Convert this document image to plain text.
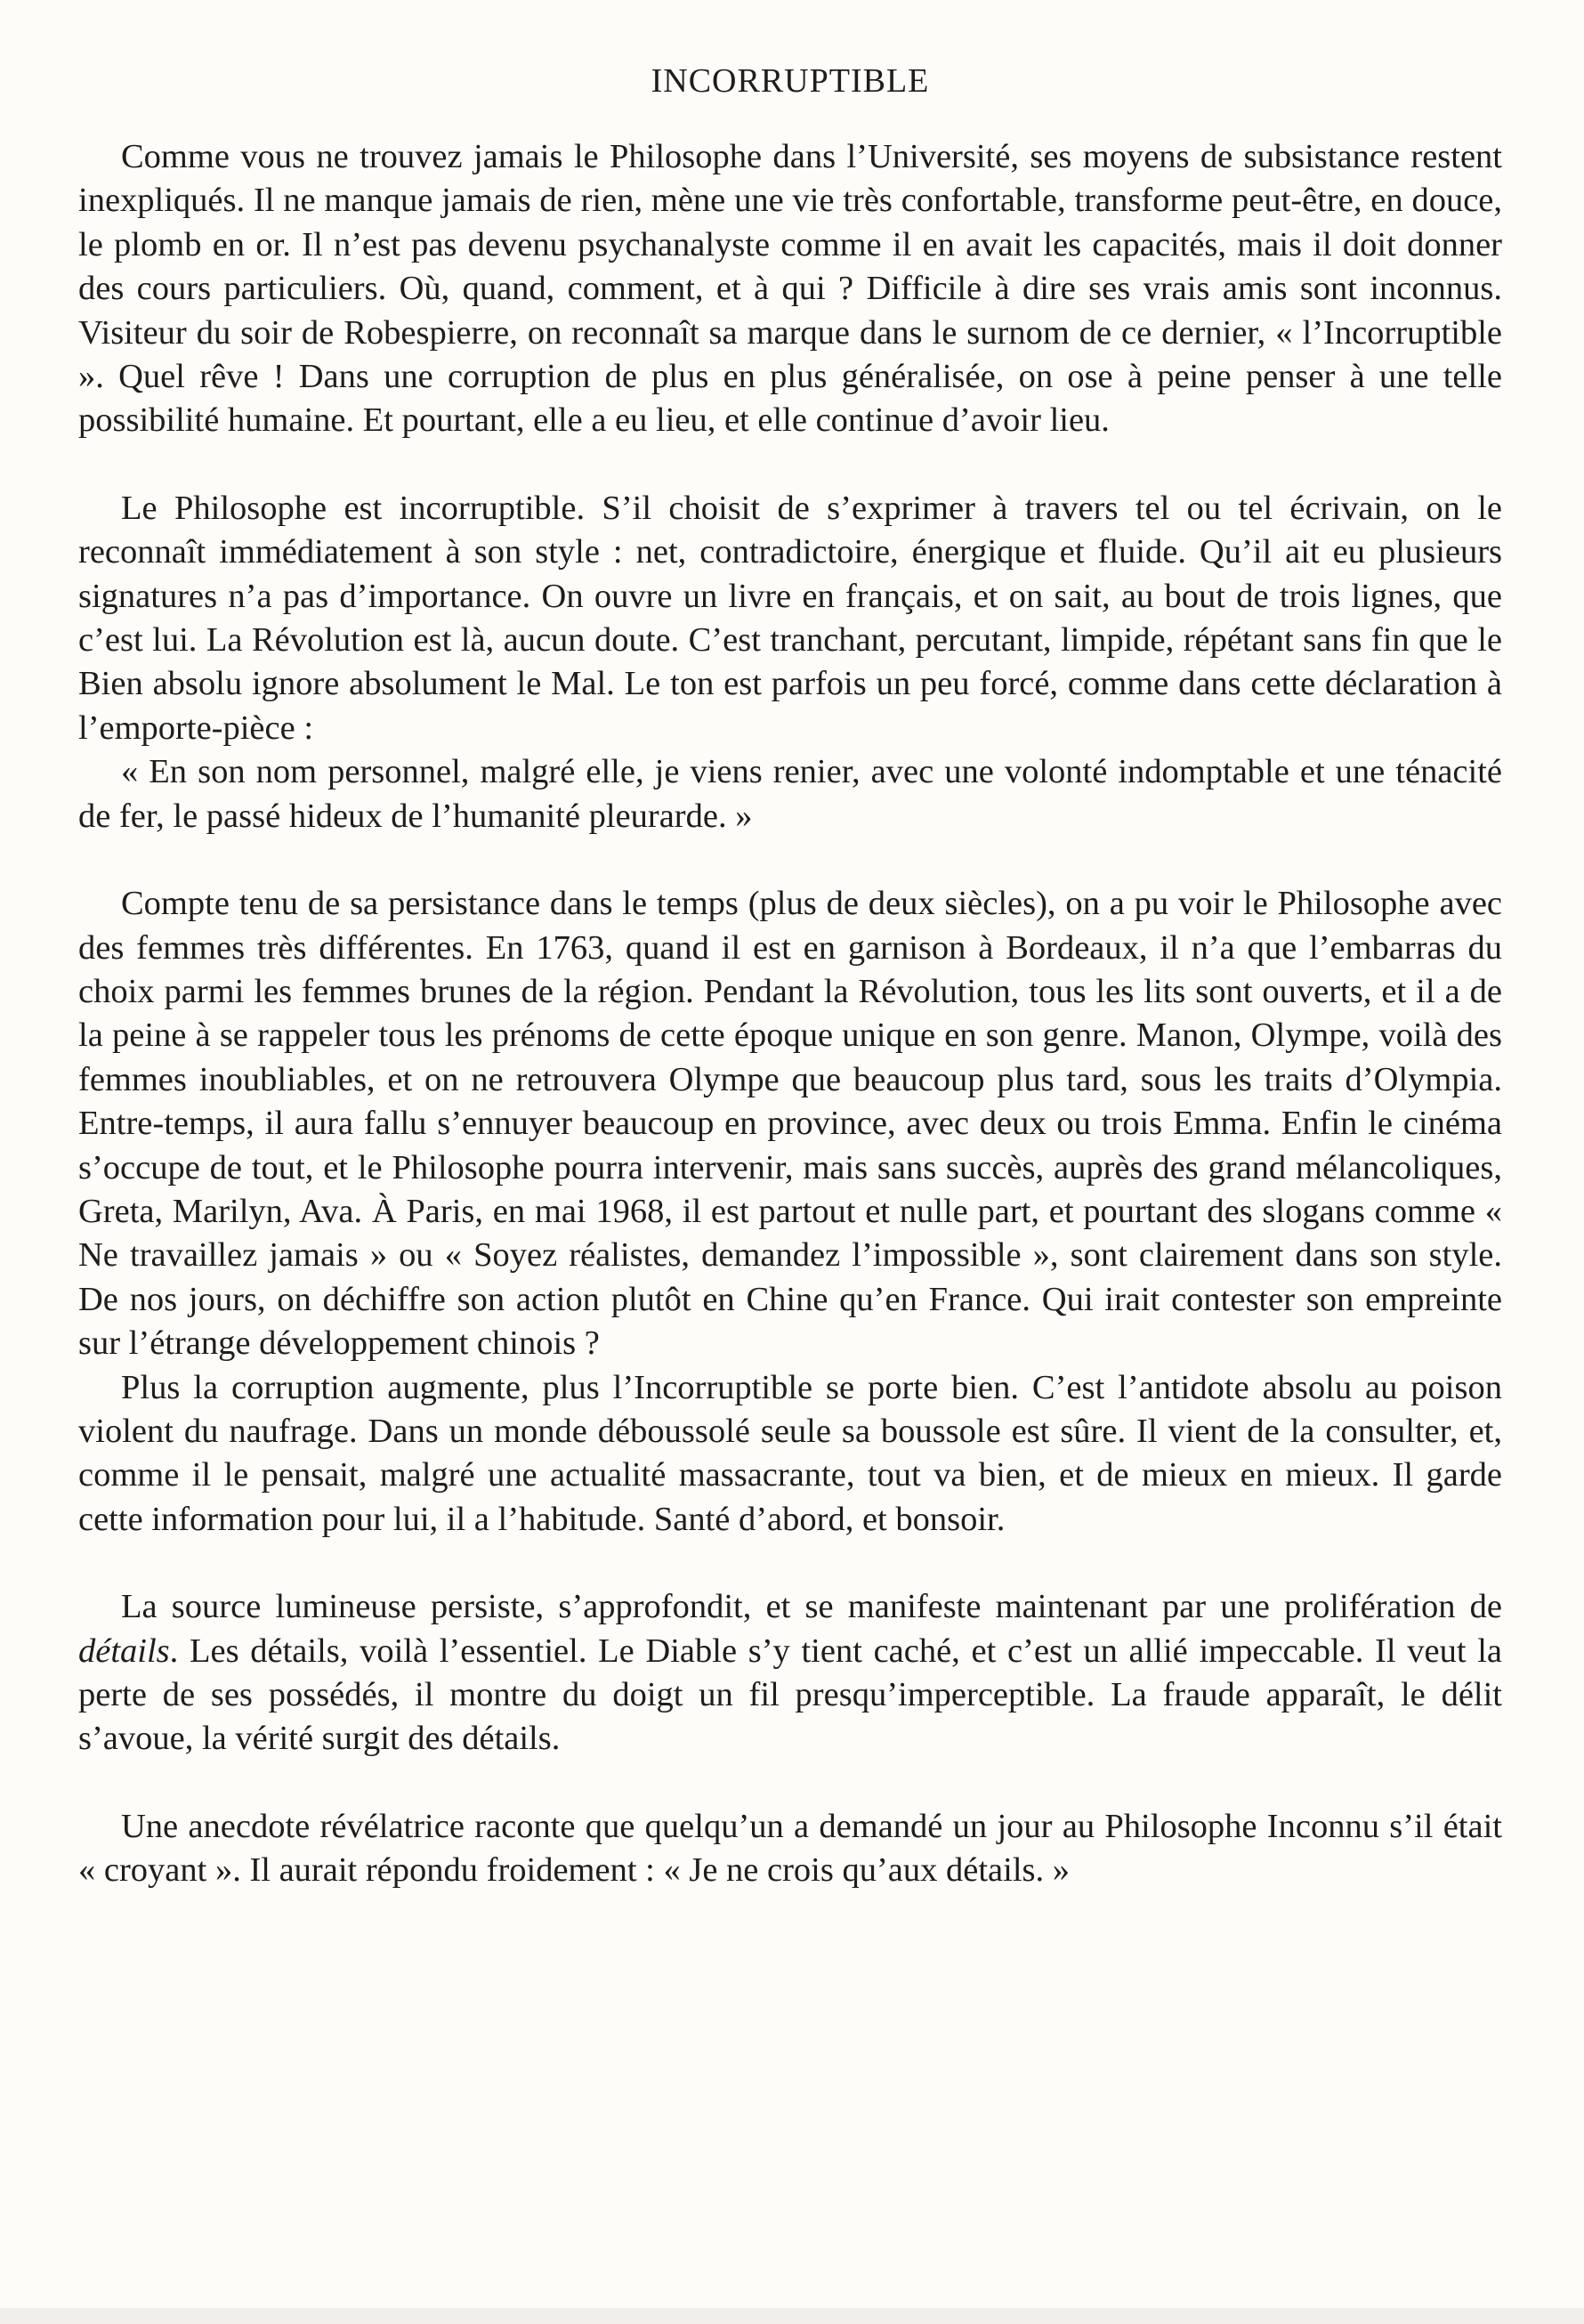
INCORRUPTIBLE

Comme vous ne trouvez jamais le Philosophe dans l’Université, ses moyens de subsistance restent inexpliqués. Il ne manque jamais de rien, mène une vie très confortable, transforme peut-être, en douce, le plomb en or. Il n’est pas devenu psychanalyste comme il en avait les capacités, mais il doit donner des cours particuliers. Où, quand, comment, et à qui ? Difficile à dire ses vrais amis sont inconnus. Visiteur du soir de Robespierre, on reconnaît sa marque dans le surnom de ce dernier, « l’Incorruptible ». Quel rêve ! Dans une corruption de plus en plus généralisée, on ose à peine penser à une telle possibilité humaine. Et pourtant, elle a eu lieu, et elle continue d’avoir lieu.

Le Philosophe est incorruptible. S’il choisit de s’exprimer à travers tel ou tel écrivain, on le reconnaît immédiatement à son style : net, contradictoire, énergique et fluide. Qu’il ait eu plusieurs signatures n’a pas d’importance. On ouvre un livre en français, et on sait, au bout de trois lignes, que c’est lui. La Révolution est là, aucun doute. C’est tranchant, percutant, limpide, répétant sans fin que le Bien absolu ignore absolument le Mal. Le ton est parfois un peu forcé, comme dans cette déclaration à l’emporte-pièce :

« En son nom personnel, malgré elle, je viens renier, avec une volonté indomptable et une ténacité de fer, le passé hideux de l’humanité pleurarde. »

Compte tenu de sa persistance dans le temps (plus de deux siècles), on a pu voir le Philosophe avec des femmes très différentes. En 1763, quand il est en garnison à Bordeaux, il n’a que l’embarras du choix parmi les femmes brunes de la région. Pendant la Révolution, tous les lits sont ouverts, et il a de la peine à se rappeler tous les prénoms de cette époque unique en son genre. Manon, Olympe, voilà des femmes inoubliables, et on ne retrouvera Olympe que beaucoup plus tard, sous les traits d’Olympia. Entre-temps, il aura fallu s’ennuyer beaucoup en province, avec deux ou trois Emma. Enfin le cinéma s’occupe de tout, et le Philosophe pourra intervenir, mais sans succès, auprès des grand mélancoliques, Greta, Marilyn, Ava. À Paris, en mai 1968, il est partout et nulle part, et pourtant des slogans comme « Ne travaillez jamais » ou « Soyez réalistes, demandez l’impossible », sont clairement dans son style. De nos jours, on déchiffre son action plutôt en Chine qu’en France. Qui irait contester son empreinte sur l’étrange développement chinois ?

Plus la corruption augmente, plus l’Incorruptible se porte bien. C’est l’antidote absolu au poison violent du naufrage. Dans un monde déboussolé seule sa boussole est sûre. Il vient de la consulter, et, comme il le pensait, malgré une actualité massacrante, tout va bien, et de mieux en mieux. Il garde cette information pour lui, il a l’habitude. Santé d’abord, et bonsoir.

La source lumineuse persiste, s’approfondit, et se manifeste maintenant par une prolifération de détails. Les détails, voilà l’essentiel. Le Diable s’y tient caché, et c’est un allié impeccable. Il veut la perte de ses possédés, il montre du doigt un fil presqu’imperceptible. La fraude apparaît, le délit s’avoue, la vérité surgit des détails.

Une anecdote révélatrice raconte que quelqu’un a demandé un jour au Philosophe Inconnu s’il était « croyant ». Il aurait répondu froidement : « Je ne crois qu’aux détails. »
